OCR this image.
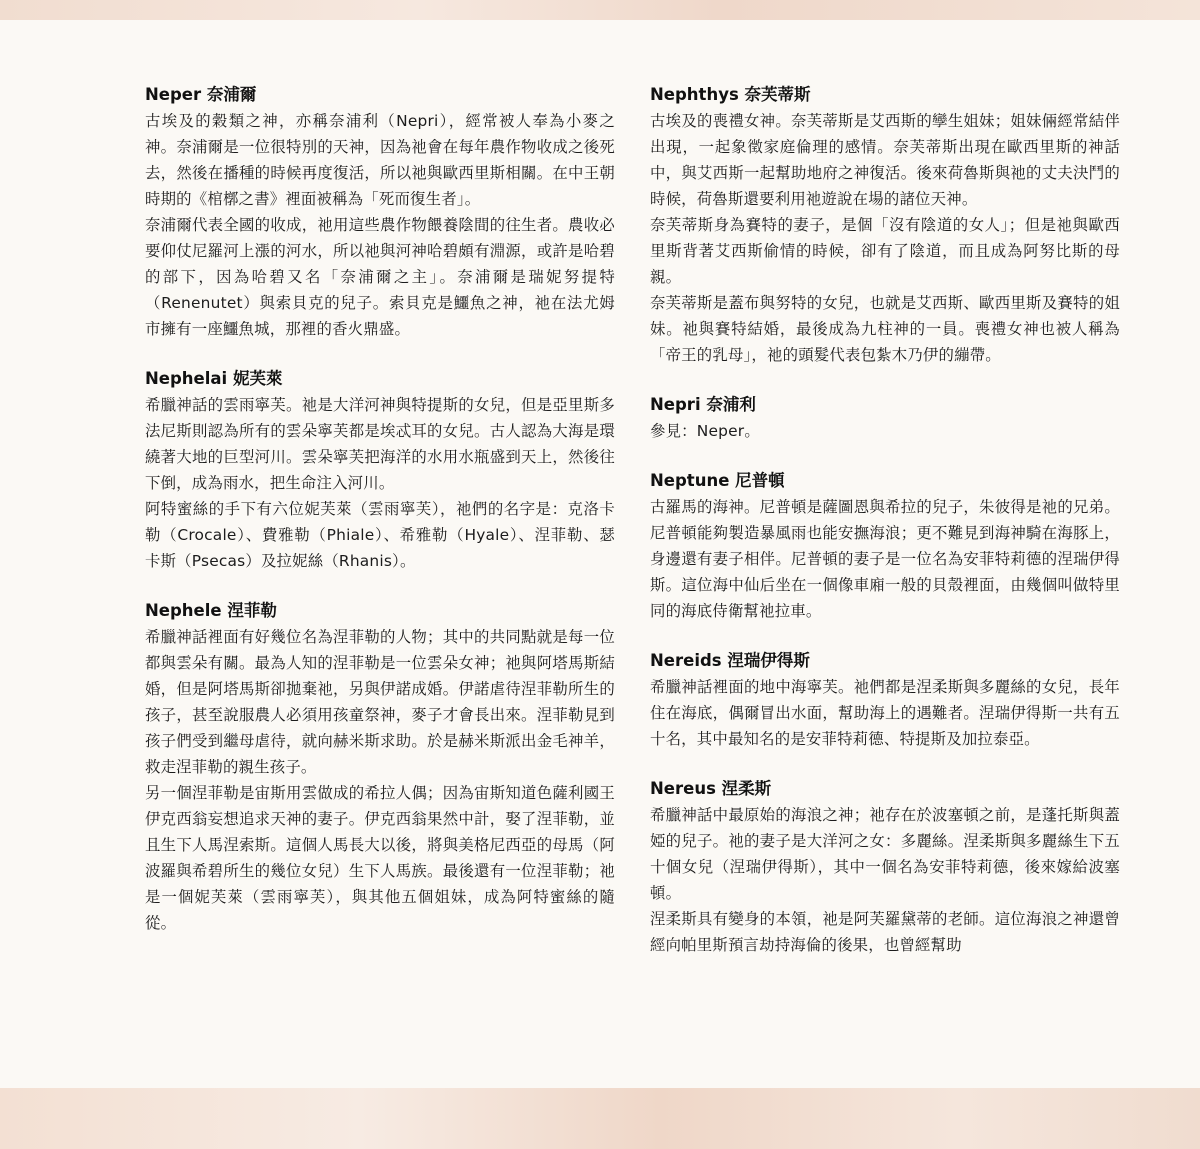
Neper 奈浦爾

古埃及的穀類之神，亦稱奈浦利（Nepri），經常被人奉為小麥之神。奈浦爾是一位很特別的天神，因為祂會在每年農作物收成之後死去，然後在播種的時候再度復活，所以祂與歐西里斯相關。在中王朝時期的《棺槨之書》裡面被稱為「死而復生者」。

奈浦爾代表全國的收成，祂用這些農作物餵養陰間的往生者。農收必要仰仗尼羅河上漲的河水，所以祂與河神哈碧頗有淵源，或許是哈碧的部下，因為哈碧又名「奈浦爾之主」。奈浦爾是瑞妮努提特（Renenutet）與索貝克的兒子。索貝克是鱷魚之神，祂在法尤姆市擁有一座鱷魚城，那裡的香火鼎盛。

Nephelai 妮芙萊

希臘神話的雲雨寧芙。祂是大洋河神與特提斯的女兒，但是亞里斯多法尼斯則認為所有的雲朵寧芙都是埃忒耳的女兒。古人認為大海是環繞著大地的巨型河川。雲朵寧芙把海洋的水用水瓶盛到天上，然後往下倒，成為雨水，把生命注入河川。

阿特蜜絲的手下有六位妮芙萊（雲雨寧芙），祂們的名字是：克洛卡勒（Crocale）、費雅勒（Phiale）、希雅勒（Hyale）、涅菲勒、瑟卡斯（Psecas）及拉妮絲（Rhanis）。

Nephele 涅菲勒

希臘神話裡面有好幾位名為涅菲勒的人物；其中的共同點就是每一位都與雲朵有關。最為人知的涅菲勒是一位雲朵女神；祂與阿塔馬斯結婚，但是阿塔馬斯卻拋棄祂，另與伊諾成婚。伊諾虐待涅菲勒所生的孩子，甚至說服農人必須用孩童祭神，麥子才會長出來。涅菲勒見到孩子們受到繼母虐待，就向赫米斯求助。於是赫米斯派出金毛神羊，救走涅菲勒的親生孩子。

另一個涅菲勒是宙斯用雲做成的希拉人偶；因為宙斯知道色薩利國王伊克西翁妄想追求天神的妻子。伊克西翁果然中計，娶了涅菲勒，並且生下人馬涅索斯。這個人馬長大以後，將與美格尼西亞的母馬（阿波羅與希碧所生的幾位女兒）生下人馬族。最後還有一位涅菲勒；祂是一個妮芙萊（雲雨寧芙），與其他五個姐妹，成為阿特蜜絲的隨從。

Nephthys 奈芙蒂斯

古埃及的喪禮女神。奈芙蒂斯是艾西斯的孿生姐妹；姐妹倆經常結伴出現，一起象徵家庭倫理的感情。奈芙蒂斯出現在歐西里斯的神話中，與艾西斯一起幫助地府之神復活。後來荷魯斯與祂的丈夫決鬥的時候，荷魯斯還要利用祂遊說在場的諸位天神。

奈芙蒂斯身為賽特的妻子，是個「沒有陰道的女人」；但是祂與歐西里斯背著艾西斯偷情的時候，卻有了陰道，而且成為阿努比斯的母親。

奈芙蒂斯是蓋布與努特的女兒，也就是艾西斯、歐西里斯及賽特的姐妹。祂與賽特結婚，最後成為九柱神的一員。喪禮女神也被人稱為「帝王的乳母」，祂的頭髮代表包紮木乃伊的繃帶。

Nepri 奈浦利

參見：Neper。

Neptune 尼普頓

古羅馬的海神。尼普頓是薩圖恩與希拉的兒子，朱彼得是祂的兄弟。尼普頓能夠製造暴風雨也能安撫海浪；更不難見到海神騎在海豚上，身邊還有妻子相伴。尼普頓的妻子是一位名為安菲特莉德的涅瑞伊得斯。這位海中仙后坐在一個像車廂一般的貝殼裡面，由幾個叫做特里同的海底侍衛幫祂拉車。

Nereids 涅瑞伊得斯

希臘神話裡面的地中海寧芙。祂們都是涅柔斯與多麗絲的女兒，長年住在海底，偶爾冒出水面，幫助海上的遇難者。涅瑞伊得斯一共有五十名，其中最知名的是安菲特莉德、特提斯及加拉泰亞。

Nereus 涅柔斯

希臘神話中最原始的海浪之神；祂存在於波塞頓之前，是蓬托斯與蓋婭的兒子。祂的妻子是大洋河之女：多麗絲。涅柔斯與多麗絲生下五十個女兒（涅瑞伊得斯），其中一個名為安菲特莉德，後來嫁給波塞頓。

涅柔斯具有變身的本領，祂是阿芙羅黛蒂的老師。這位海浪之神還曾經向帕里斯預言劫持海倫的後果，也曾經幫助
